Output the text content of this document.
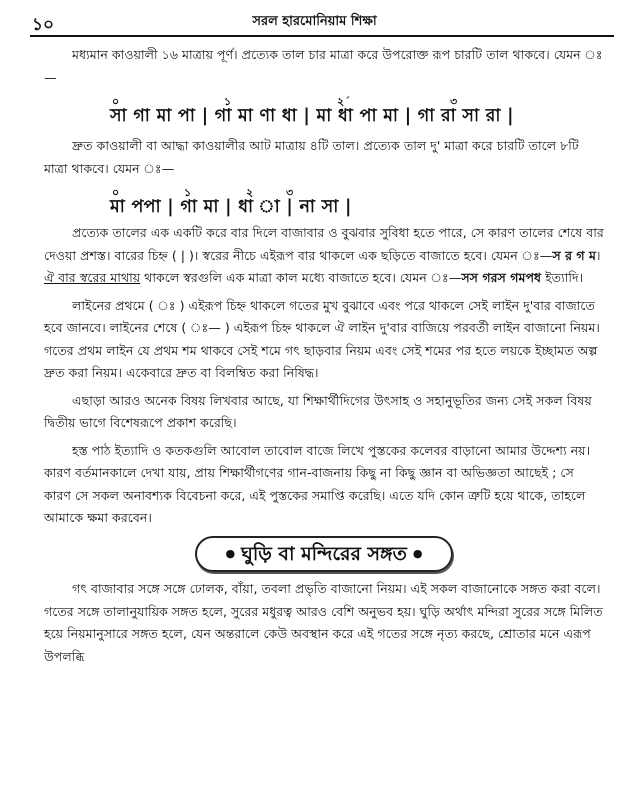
১০	সরল হারমোনিয়াম শিক্ষা

মধ্যমান কাওয়ালী ১৬ মাত্রায় পূর্ণ। প্রত্যেক তাল চার মাত্রা করে উপরোক্ত রূপ চারটি তাল থাকবে। যেমন ঃ—

০	১	২´	৩
সা গা মা পা | গা মা ণা ধা | মা ধা পা মা | গা রা সা রা |

দ্রুত কাওয়ালী বা আদ্ধা কাওয়ালীর আট মাত্রায় ৪টি তাল। প্রত্যেক তাল দু' মাত্রা করে চারটি তালে ৮টি মাত্রা থাকবে। যেমন ঃ—

০	১	২	৩
মা পপা | গা মা | ধা া | না সা |

প্রত্যেক তালের এক একটি করে বার দিলে বাজাবার ও বুঝবার সুবিধা হতে পারে, সে কারণ তালের শেষে বার দেওয়া প্রশস্ত। বারের চিহ্ন ( | )। স্বরের নীচে এইরূপ বার থাকলে এক ছড়িতে বাজাতে হবে। যেমন ঃ—স র গ ম। ঐ বার স্বরের মাথায় থাকলে স্বরগুলি এক মাত্রা কাল মধ্যে বাজাতে হবে। যেমন ঃ—সস গরস গমপধ ইত্যাদি।

লাইনের প্রথমে ( ঃ ) এইরূপ চিহ্ন থাকলে গতের মুখ বুঝাবে এবং পরে থাকলে সেই লাইন দু'বার বাজাতে হবে জানবে। লাইনের শেষে ( ঃ— ) এইরূপ চিহ্ন থাকলে ঐ লাইন দু'বার বাজিয়ে পরবর্তী লাইন বাজানো নিয়ম। গতের প্রথম লাইন যে প্রথম শম থাকবে সেই শমে গৎ ছাড়বার নিয়ম এবং সেই শমের পর হতে লয়কে ইচ্ছামত অল্প দ্রুত করা নিয়ম। একেবারে দ্রুত বা বিলম্বিত করা নিষিদ্ধ।

এছাড়া আরও অনেক বিষয় লিখবার আছে, যা শিক্ষার্থীদিগের উৎসাহ ও সহানুভূতির জন্য সেই সকল বিষয় দ্বিতীয় ভাগে বিশেষরূপে প্রকাশ করেছি।

হস্ত পাঠ ইত্যাদি ও কতকগুলি আবোল তাবোল বাজে লিখে পুস্তকের কলেবর বাড়ানো আমার উদ্দেশ্য নয়। কারণ বর্তমানকালে দেখা যায়, প্রায় শিক্ষার্থীগণের গান-বাজনায় কিছু না কিছু জ্ঞান বা অভিজ্ঞতা আছেই ; সে কারণ সে সকল অনাবশ্যক বিবেচনা করে, এই পুস্তকের সমাপ্তি করেছি। এতে যদি কোন ত্রুটি হয়ে থাকে, তাহলে আমাকে ক্ষমা করবেন।

● ঘুড়ি বা মন্দিরের সঙ্গত ●

গৎ বাজাবার সঙ্গে সঙ্গে ঢোলক, বাঁয়া, তবলা প্রভৃতি বাজানো নিয়ম। এই সকল বাজানোকে সঙ্গত করা বলে। গতের সঙ্গে তালানুযায়িক সঙ্গত হলে, সুরের মধুরত্ব আরও বেশি অনুভব হয়। ঘুড়ি অর্থাৎ মন্দিরা সুরের সঙ্গে মিলিত হয়ে নিয়মানুসারে সঙ্গত হলে, যেন অন্তরালে কেউ অবস্থান করে এই গতের সঙ্গে নৃত্য করছে, শ্রোতার মনে এরূপ উপলব্ধি
